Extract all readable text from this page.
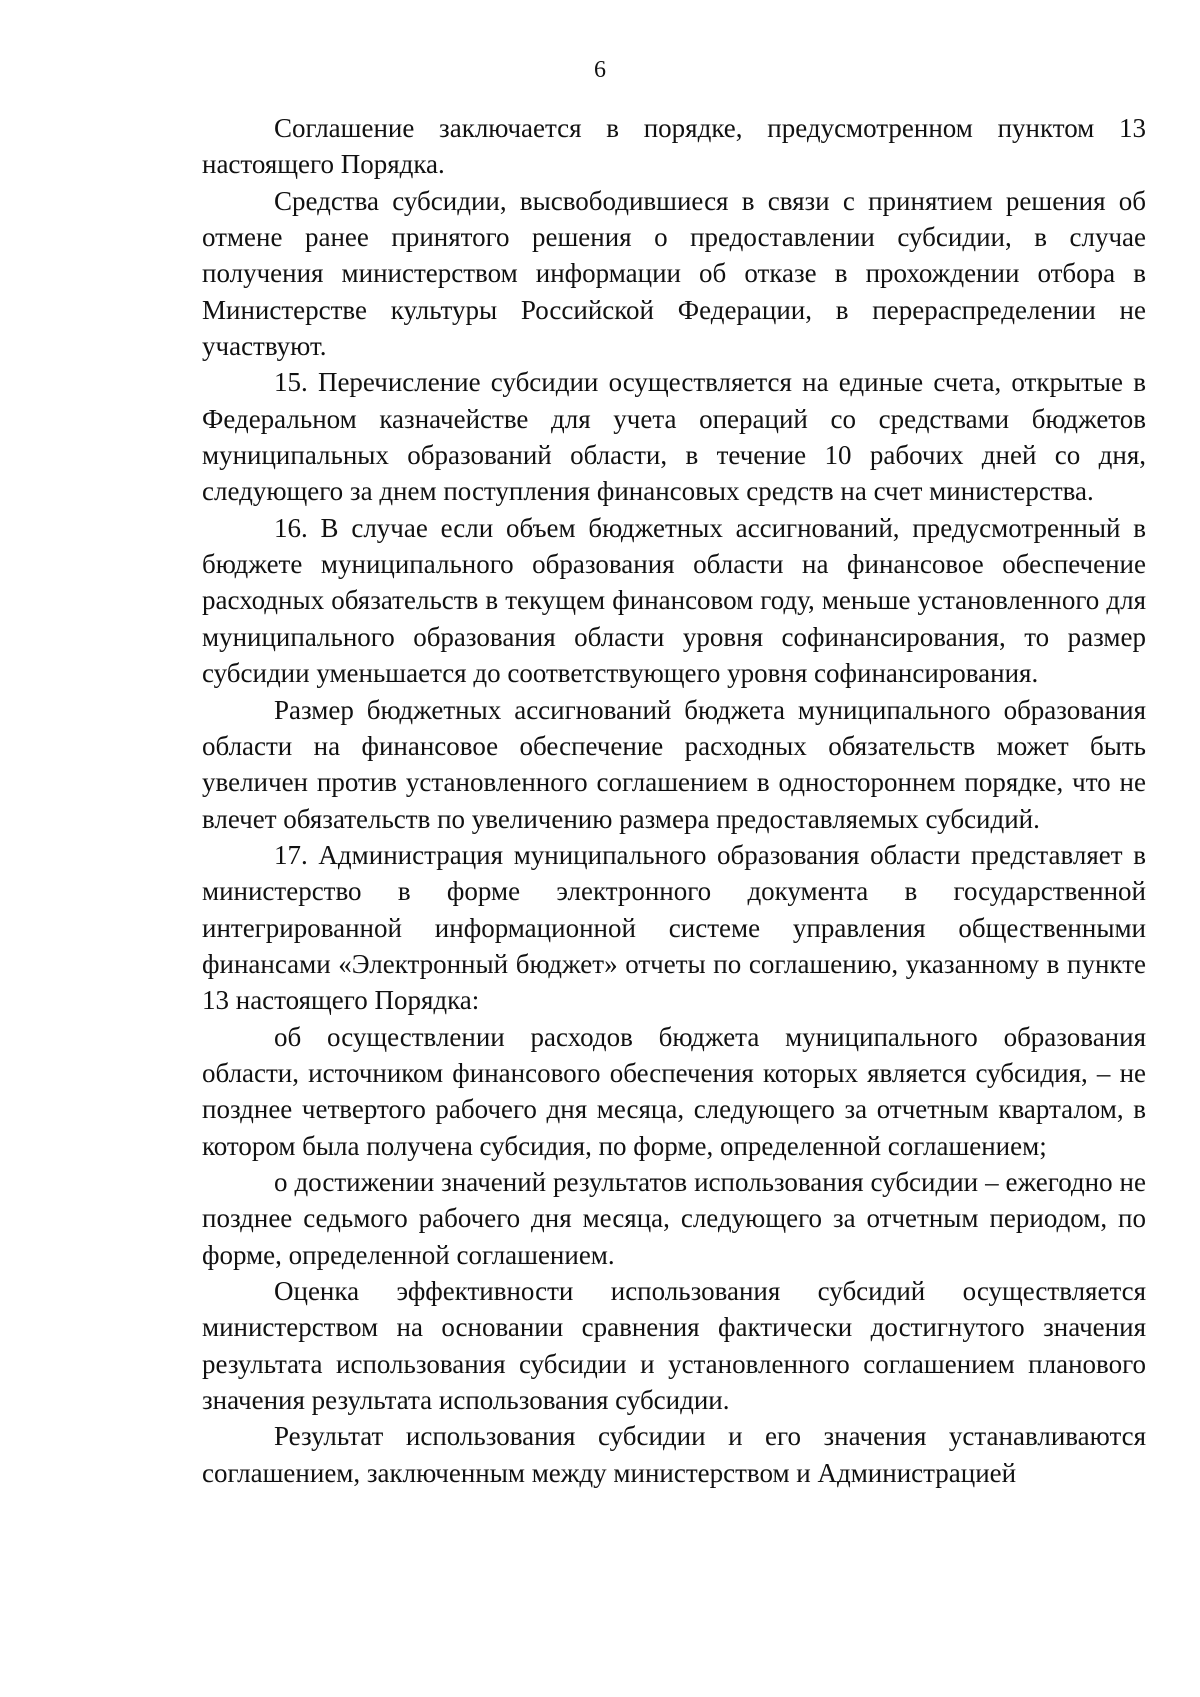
6

Соглашение заключается в порядке, предусмотренном пунктом 13 настоящего Порядка.

Средства субсидии, высвободившиеся в связи с принятием решения об отмене ранее принятого решения о предоставлении субсидии, в случае получения министерством информации об отказе в прохождении отбора в Министерстве культуры Российской Федерации, в перераспределении не участвуют.

15. Перечисление субсидии осуществляется на единые счета, открытые в Федеральном казначействе для учета операций со средствами бюджетов муниципальных образований области, в течение 10 рабочих дней со дня, следующего за днем поступления финансовых средств на счет министерства.

16. В случае если объем бюджетных ассигнований, предусмотренный в бюджете муниципального образования области на финансовое обеспечение расходных обязательств в текущем финансовом году, меньше установленного для муниципального образования области уровня софинансирования, то размер субсидии уменьшается до соответствующего уровня софинансирования.

Размер бюджетных ассигнований бюджета муниципального образования области на финансовое обеспечение расходных обязательств может быть увеличен против установленного соглашением в одностороннем порядке, что не влечет обязательств по увеличению размера предоставляемых субсидий.

17. Администрация муниципального образования области представляет в министерство в форме электронного документа в государственной интегрированной информационной системе управления общественными финансами «Электронный бюджет» отчеты по соглашению, указанному в пункте 13 настоящего Порядка:

об осуществлении расходов бюджета муниципального образования области, источником финансового обеспечения которых является субсидия, – не позднее четвертого рабочего дня месяца, следующего за отчетным кварталом, в котором была получена субсидия, по форме, определенной соглашением;

о достижении значений результатов использования субсидии – ежегодно не позднее седьмого рабочего дня месяца, следующего за отчетным периодом, по форме, определенной соглашением.

Оценка эффективности использования субсидий осуществляется министерством на основании сравнения фактически достигнутого значения результата использования субсидии и установленного соглашением планового значения результата использования субсидии.

Результат использования субсидии и его значения устанавливаются соглашением, заключенным между министерством и Администрацией
